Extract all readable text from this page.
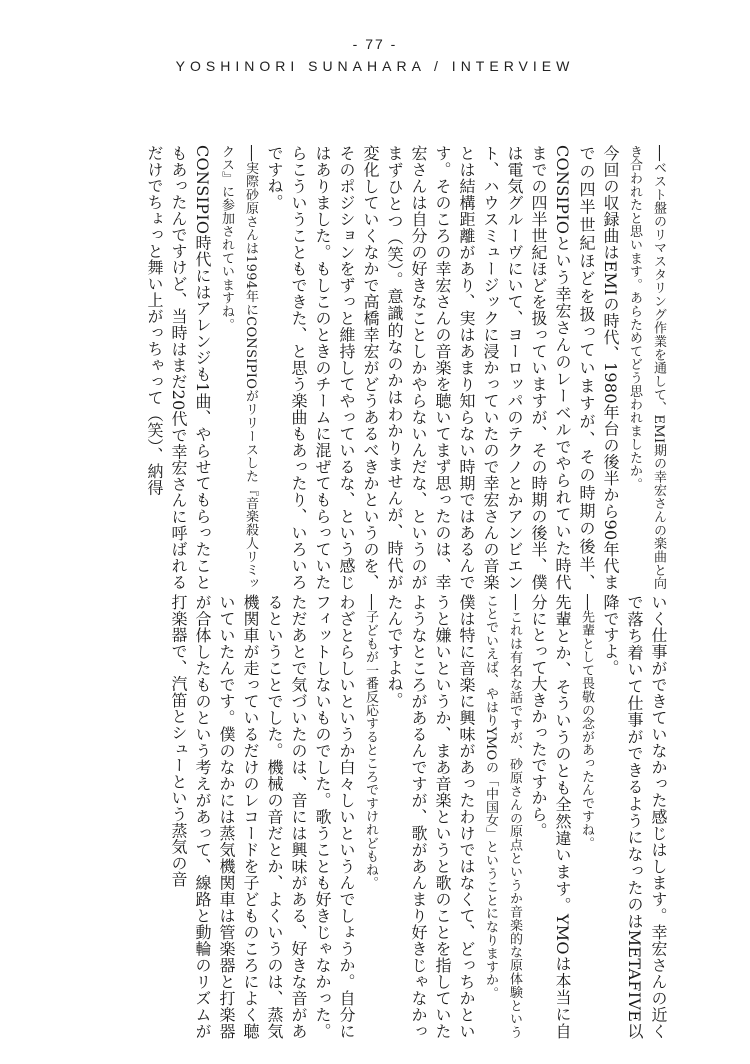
- 77 -
YOSHINORI SUNAHARA / INTERVIEW

──ベスト盤のリマスタリング作業を通して、EMI期の幸宏さんの楽曲と向き合われたと思います。あらためてどう思われましたか。

今回の収録曲はEMIの時代、1980年台の後半から90年代までの四半世紀ほどを扱っていますが、その時期の後半、CONSIPIOという幸宏さんのレーベルでやられていた時代までの四半世紀ほどを扱っていますが、その時期の後半、僕は電気グルーヴにいて、ヨーロッパのテクノとかアンビエント、ハウスミュージックに浸かっていたので幸宏さんの音楽とは結構距離があり、実はあまり知らない時期ではあるんです。そのころの幸宏さんの音楽を聴いてまず思ったのは、幸宏さんは自分の好きなことしかやらないんだな、というのがまずひとつ（笑）。意識的なのかはわかりませんが、時代が変化していくなかで高橋幸宏がどうあるべきかというのを、そのポジションをずっと維持してやっているな、という感じはありました。もしこのときのチームに混ぜてもらっていたらこういうこともできた、と思う楽曲もあったり、いろいろですね。

──実際砂原さんは1994年にCONSIPIOがリリースした『音楽殺人リミックス』に参加されていますね。

CONSIPIO時代にはアレンジも1曲、やらせてもらったこともあったんですけど、当時はまだ20代で幸宏さんに呼ばれるだけでちょっと舞い上がっちゃって（笑）、納得

いく仕事ができていなかった感じはします。幸宏さんの近くで落ち着いて仕事ができるようになったのはMETAFIVE以降ですよ。

──先輩として畏敬の念があったんですね。

先輩とか、そういうのとも全然違います。YMOは本当に自分にとって大きかったですから。

──これは有名な話ですが、砂原さんの原点というか音楽的な原体験ということでいえば、やはりYMOの「中国女」ということになりますか。

僕は特に音楽に興味があったわけではなくて、どっちかというと嫌いというか、まあ音楽というと歌のことを指していたようなところがあるんですが、歌があんまり好きじゃなかったんですよね。

──子どもが一番反応するところですけれどもね。

わざとらしいというか白々しいというんでしょうか。自分にフィットしないものでした。歌うことも好きじゃなかった。ただあとで気づいたのは、音には興味がある、好きな音があるということでした。機械の音だとか、よくいうのは、蒸気機関車が走っているだけのレコードを子どものころによく聴いていたんです。僕のなかには蒸気機関車は管楽器と打楽器が合体したものという考えがあって、線路と動輪のリズムが打楽器で、汽笛とシューという蒸気の音
